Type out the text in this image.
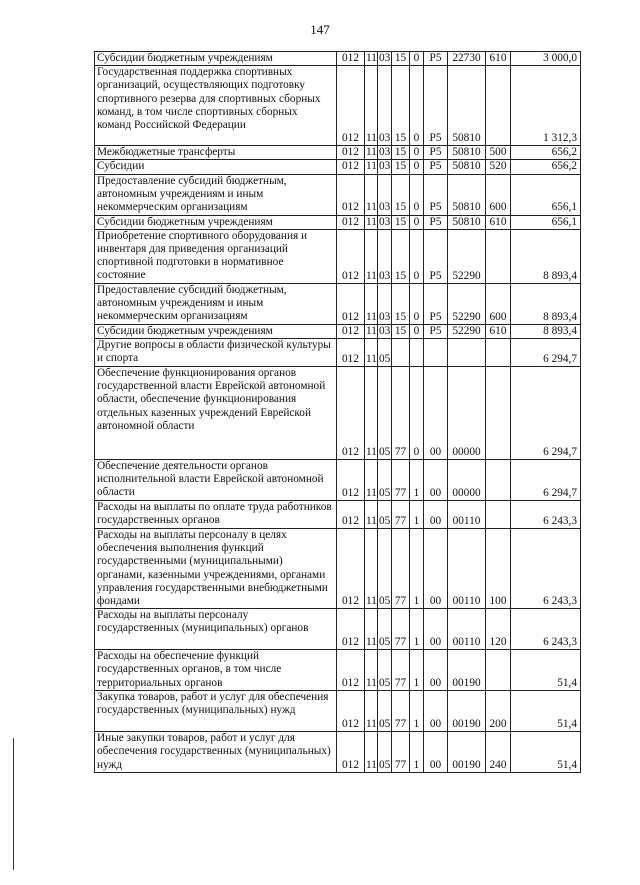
147
Субсидии бюджетным учреждениям	012	11	03	15	0	P5	22730	610	3 000,0
Государственная поддержка спортивных организаций, осуществляющих подготовку спортивного резерва для спортивных сборных команд, в том числе спортивных сборных команд Российской Федерации	012	11	03	15	0	P5	50810		1 312,3
Межбюджетные трансферты	012	11	03	15	0	P5	50810	500	656,2
Субсидии	012	11	03	15	0	P5	50810	520	656,2
Предоставление субсидий бюджетным, автономным учреждениям и иным некоммерческим организациям	012	11	03	15	0	P5	50810	600	656,1
Субсидии бюджетным учреждениям	012	11	03	15	0	P5	50810	610	656,1
Приобретение спортивного оборудования и инвентаря для приведения организаций спортивной подготовки в нормативное состояние	012	11	03	15	0	P5	52290		8 893,4
Предоставление субсидий бюджетным, автономным учреждениям и иным некоммерческим организациям	012	11	03	15	0	P5	52290	600	8 893,4
Субсидии бюджетным учреждениям	012	11	03	15	0	P5	52290	610	8 893,4
Другие вопросы в области физической культуры и спорта	012	11	05						6 294,7
Обеспечение функционирования органов государственной власти Еврейской автономной области, обеспечение функционирования отдельных казенных учреждений Еврейской автономной области	012	11	05	77	0	00	00000		6 294,7
Обеспечение деятельности органов исполнительной власти Еврейской автономной области	012	11	05	77	1	00	00000		6 294,7
Расходы на выплаты по оплате труда работников государственных органов	012	11	05	77	1	00	00110		6 243,3
Расходы на выплаты персоналу в целях обеспечения выполнения функций государственными (муниципальными) органами, казенными учреждениями, органами управления государственными внебюджетными фондами	012	11	05	77	1	00	00110	100	6 243,3
Расходы на выплаты персоналу государственных (муниципальных) органов	012	11	05	77	1	00	00110	120	6 243,3
Расходы на обеспечение функций государственных органов, в том числе территориальных органов	012	11	05	77	1	00	00190		51,4
Закупка товаров, работ и услуг для обеспечения государственных (муниципальных) нужд	012	11	05	77	1	00	00190	200	51,4
Иные закупки товаров, работ и услуг для обеспечения государственных (муниципальных) нужд	012	11	05	77	1	00	00190	240	51,4
